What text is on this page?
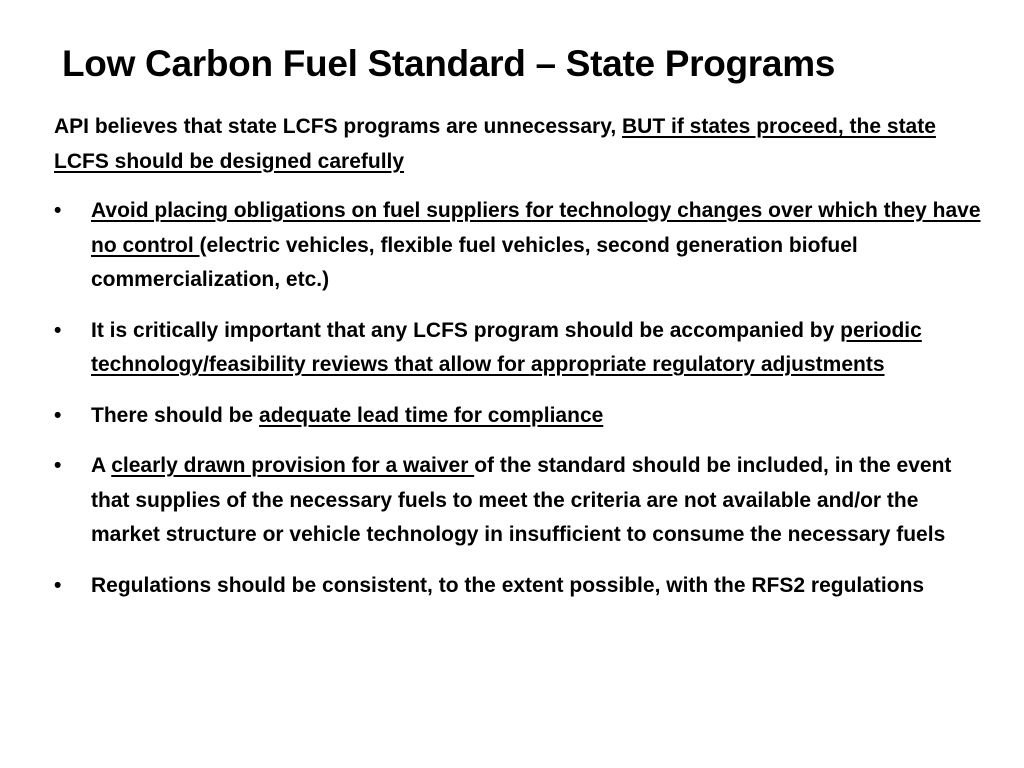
Low Carbon Fuel Standard – State Programs

API believes that state LCFS programs are unnecessary, BUT if states proceed, the state LCFS should be designed carefully

•	Avoid placing obligations on fuel suppliers for technology changes over which they have no control (electric vehicles, flexible fuel vehicles, second generation biofuel commercialization, etc.)
•	It is critically important that any LCFS program should be accompanied by periodic technology/feasibility reviews that allow for appropriate regulatory adjustments
•	There should be adequate lead time for compliance
•	A clearly drawn provision for a waiver of the standard should be included, in the event that supplies of the necessary fuels to meet the criteria are not available and/or the market structure or vehicle technology in insufficient to consume the necessary fuels
•	Regulations should be consistent, to the extent possible, with the RFS2 regulations
